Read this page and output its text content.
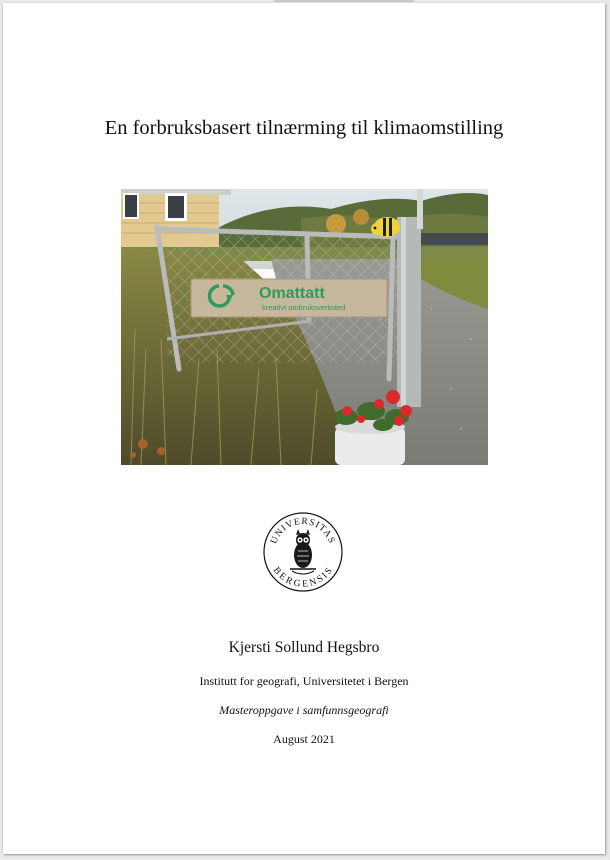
En forbruksbasert tilnærming til klimaomstilling
Omattatt
kreativt ombruksverksted
UNIVERSITAS
BERGENSIS
Kjersti Sollund Hegsbro
Institutt for geografi, Universitetet i Bergen
Masteroppgave i samfunnsgeografi
August 2021
